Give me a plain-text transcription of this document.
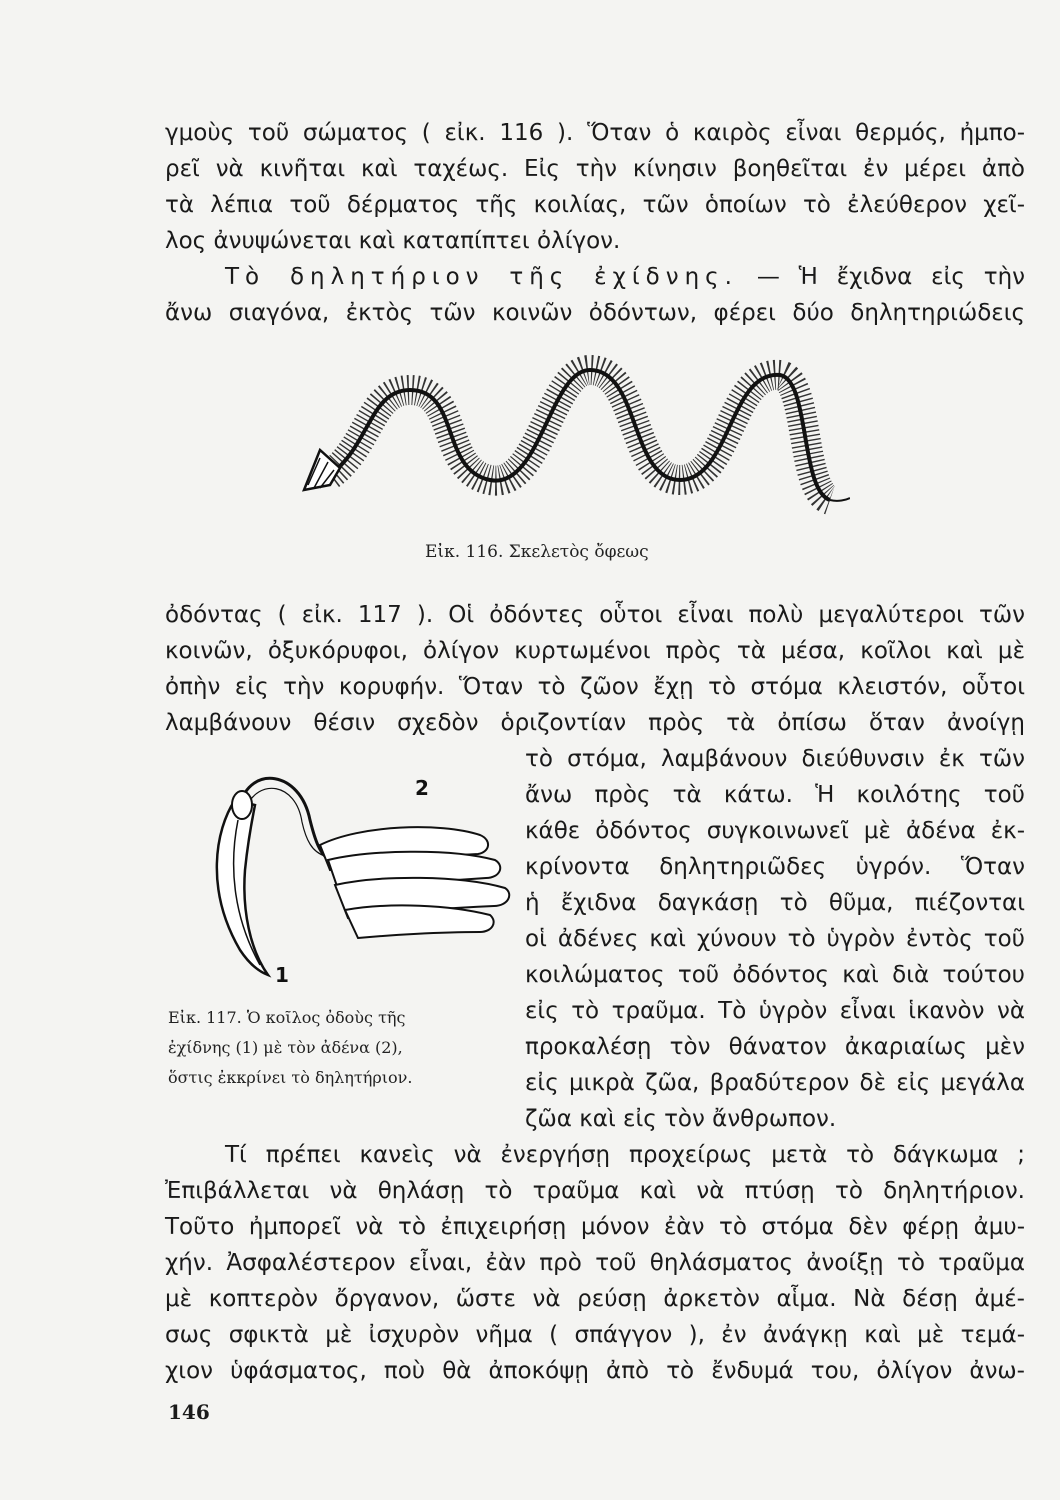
γμοὺς τοῦ σώματος ( εἰκ. 116 ). Ὅταν ὁ καιρὸς εἶναι θερμός, ἠμπο-
ρεῖ νὰ κινῆται καὶ ταχέως. Εἰς τὴν κίνησιν βοηθεῖται ἐν μέρει ἀπὸ
τὰ λέπια τοῦ δέρματος τῆς κοιλίας, τῶν ὁποίων τὸ ἐλεύθερον χεῖ-
λος ἀνυψώνεται καὶ καταπίπτει ὀλίγον.
Τὸ δηλητήριον τῆς ἐχίδνης. — Ἡ ἔχιδνα εἰς τὴν
ἄνω σιαγόνα, ἐκτὸς τῶν κοινῶν ὀδόντων, φέρει δύο δηλητηριώδεις
Εἰκ. 116. Σκελετὸς ὄφεως
ὀδόντας ( εἰκ. 117 ). Οἱ ὀδόντες οὗτοι εἶναι πολὺ μεγαλύτεροι τῶν
κοινῶν, ὀξυκόρυφοι, ὀλίγον κυρτωμένοι πρὸς τὰ μέσα, κοῖλοι καὶ μὲ
ὀπὴν εἰς τὴν κορυφήν. Ὅταν τὸ ζῶον ἔχῃ τὸ στόμα κλειστόν, οὗτοι
λαμβάνουν θέσιν σχεδὸν ὁριζοντίαν πρὸς τὰ ὀπίσω ὅταν ἀνοίγῃ
τὸ στόμα, λαμβάνουν διεύθυνσιν ἐκ τῶν
ἄνω πρὸς τὰ κάτω. Ἡ κοιλότης τοῦ
κάθε ὀδόντος συγκοινωνεῖ μὲ ἀδένα ἐκ-
κρίνοντα δηλητηριῶδες ὑγρόν. Ὅταν
ἡ ἔχιδνα δαγκάσῃ τὸ θῦμα, πιέζονται
οἱ ἀδένες καὶ χύνουν τὸ ὑγρὸν ἐντὸς τοῦ
κοιλώματος τοῦ ὀδόντος καὶ διὰ τούτου
εἰς τὸ τραῦμα. Τὸ ὑγρὸν εἶναι ἱκανὸν νὰ
προκαλέσῃ τὸν θάνατον ἀκαριαίως μὲν
εἰς μικρὰ ζῶα, βραδύτερον δὲ εἰς μεγάλα
ζῶα καὶ εἰς τὸν ἄνθρωπον.
2
1
Εἰκ. 117. Ὁ κοῖλος ὀδοὺς τῆς
ἐχίδνης (1) μὲ τὸν ἀδένα (2),
ὅστις ἐκκρίνει τὸ δηλητήριον.
Τί πρέπει κανεὶς νὰ ἐνεργήσῃ προχείρως μετὰ τὸ δάγκωμα ;
Ἐπιβάλλεται νὰ θηλάσῃ τὸ τραῦμα καὶ νὰ πτύσῃ τὸ δηλητήριον.
Τοῦτο ἠμπορεῖ νὰ τὸ ἐπιχειρήσῃ μόνον ἐὰν τὸ στόμα δὲν φέρῃ ἀμυ-
χήν. Ἀσφαλέστερον εἶναι, ἐὰν πρὸ τοῦ θηλάσματος ἀνοίξῃ τὸ τραῦμα
μὲ κοπτερὸν ὄργανον, ὥστε νὰ ρεύσῃ ἀρκετὸν αἷμα. Νὰ δέσῃ ἀμέ-
σως σφικτὰ μὲ ἰσχυρὸν νῆμα ( σπάγγον ), ἐν ἀνάγκῃ καὶ μὲ τεμά-
χιον ὑφάσματος, ποὺ θὰ ἀποκόψῃ ἀπὸ τὸ ἔνδυμά του, ὀλίγον ἀνω-
146
